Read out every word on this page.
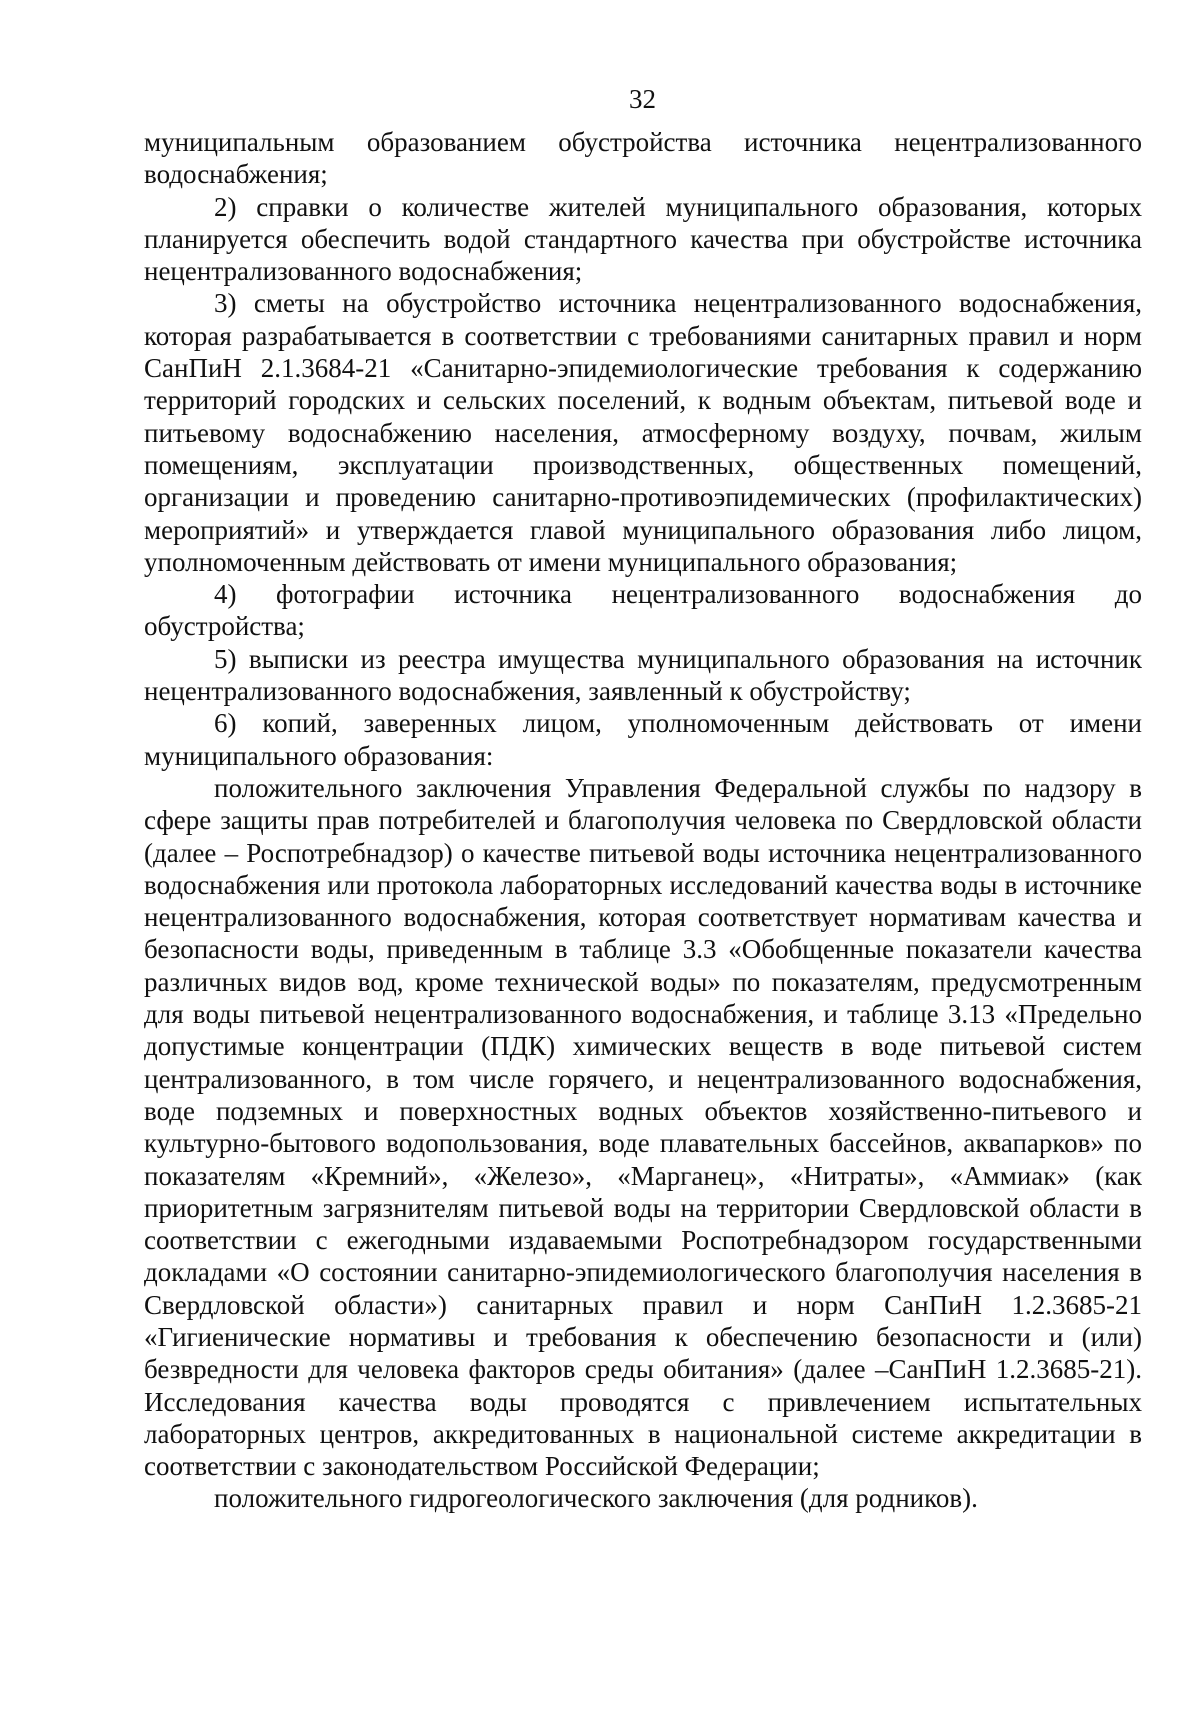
32

муниципальным образованием обустройства источника нецентрализованного водоснабжения;

2) справки о количестве жителей муниципального образования, которых планируется обеспечить водой стандартного качества при обустройстве источника нецентрализованного водоснабжения;

3) сметы на обустройство источника нецентрализованного водоснабжения, которая разрабатывается в соответствии с требованиями санитарных правил и норм СанПиН 2.1.3684-21 «Санитарно-эпидемиологические требования к содержанию территорий городских и сельских поселений, к водным объектам, питьевой воде и питьевому водоснабжению населения, атмосферному воздуху, почвам, жилым помещениям, эксплуатации производственных, общественных помещений, организации и проведению санитарно-противоэпидемических (профилактических) мероприятий» и утверждается главой муниципального образования либо лицом, уполномоченным действовать от имени муниципального образования;

4) фотографии источника нецентрализованного водоснабжения до обустройства;

5) выписки из реестра имущества муниципального образования на источник нецентрализованного водоснабжения, заявленный к обустройству;

6) копий, заверенных лицом, уполномоченным действовать от имени муниципального образования:

положительного заключения Управления Федеральной службы по надзору в сфере защиты прав потребителей и благополучия человека по Свердловской области (далее – Роспотребнадзор) о качестве питьевой воды источника нецентрализованного водоснабжения или протокола лабораторных исследований качества воды в источнике нецентрализованного водоснабжения, которая соответствует нормативам качества и безопасности воды, приведенным в таблице 3.3 «Обобщенные показатели качества различных видов вод, кроме технической воды» по показателям, предусмотренным для воды питьевой нецентрализованного водоснабжения, и таблице 3.13 «Предельно допустимые концентрации (ПДК) химических веществ в воде питьевой систем централизованного, в том числе горячего, и нецентрализованного водоснабжения, воде подземных и поверхностных водных объектов хозяйственно-питьевого и культурно-бытового водопользования, воде плавательных бассейнов, аквапарков» по показателям «Кремний», «Железо», «Марганец», «Нитраты», «Аммиак» (как приоритетным загрязнителям питьевой воды на территории Свердловской области в соответствии с ежегодными издаваемыми Роспотребнадзором государственными докладами «О состоянии санитарно-эпидемиологического благополучия населения в Свердловской области») санитарных правил и норм СанПиН 1.2.3685-21 «Гигиенические нормативы и требования к обеспечению безопасности и (или) безвредности для человека факторов среды обитания» (далее –СанПиН 1.2.3685-21). Исследования качества воды проводятся с привлечением испытательных лабораторных центров, аккредитованных в национальной системе аккредитации в соответствии с законодательством Российской Федерации;

положительного гидрогеологического заключения (для родников).
